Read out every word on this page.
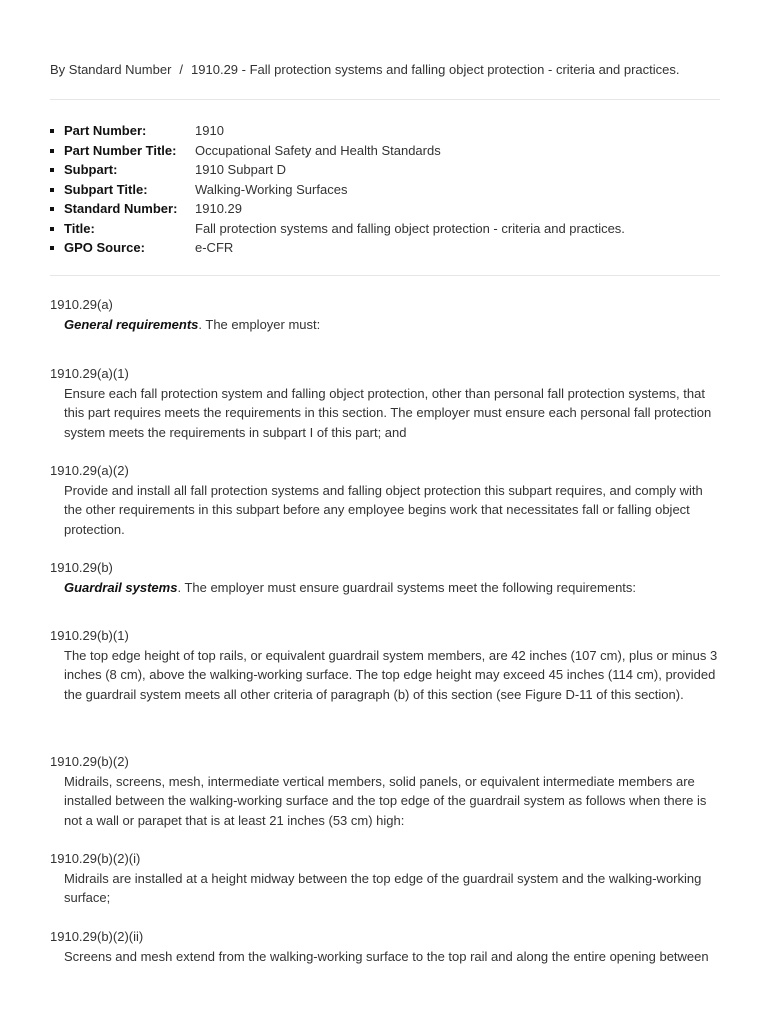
By Standard Number / 1910.29 - Fall protection systems and falling object protection - criteria and practices.
Part Number:	1910
Part Number Title: Occupational Safety and Health Standards
Subpart:	1910 Subpart D
Subpart Title:	Walking-Working Surfaces
Standard Number: 1910.29
Title:	Fall protection systems and falling object protection - criteria and practices.
GPO Source:	e-CFR
1910.29(a)
General requirements. The employer must:
1910.29(a)(1)
Ensure each fall protection system and falling object protection, other than personal fall protection systems, that this part requires meets the requirements in this section. The employer must ensure each personal fall protection system meets the requirements in subpart I of this part; and
1910.29(a)(2)
Provide and install all fall protection systems and falling object protection this subpart requires, and comply with the other requirements in this subpart before any employee begins work that necessitates fall or falling object protection.
1910.29(b)
Guardrail systems. The employer must ensure guardrail systems meet the following requirements:
1910.29(b)(1)
The top edge height of top rails, or equivalent guardrail system members, are 42 inches (107 cm), plus or minus 3 inches (8 cm), above the walking-working surface. The top edge height may exceed 45 inches (114 cm), provided the guardrail system meets all other criteria of paragraph (b) of this section (see Figure D-11 of this section).
1910.29(b)(2)
Midrails, screens, mesh, intermediate vertical members, solid panels, or equivalent intermediate members are installed between the walking-working surface and the top edge of the guardrail system as follows when there is not a wall or parapet that is at least 21 inches (53 cm) high:
1910.29(b)(2)(i)
Midrails are installed at a height midway between the top edge of the guardrail system and the walking-working surface;
1910.29(b)(2)(ii)
Screens and mesh extend from the walking-working surface to the top rail and along the entire opening between
